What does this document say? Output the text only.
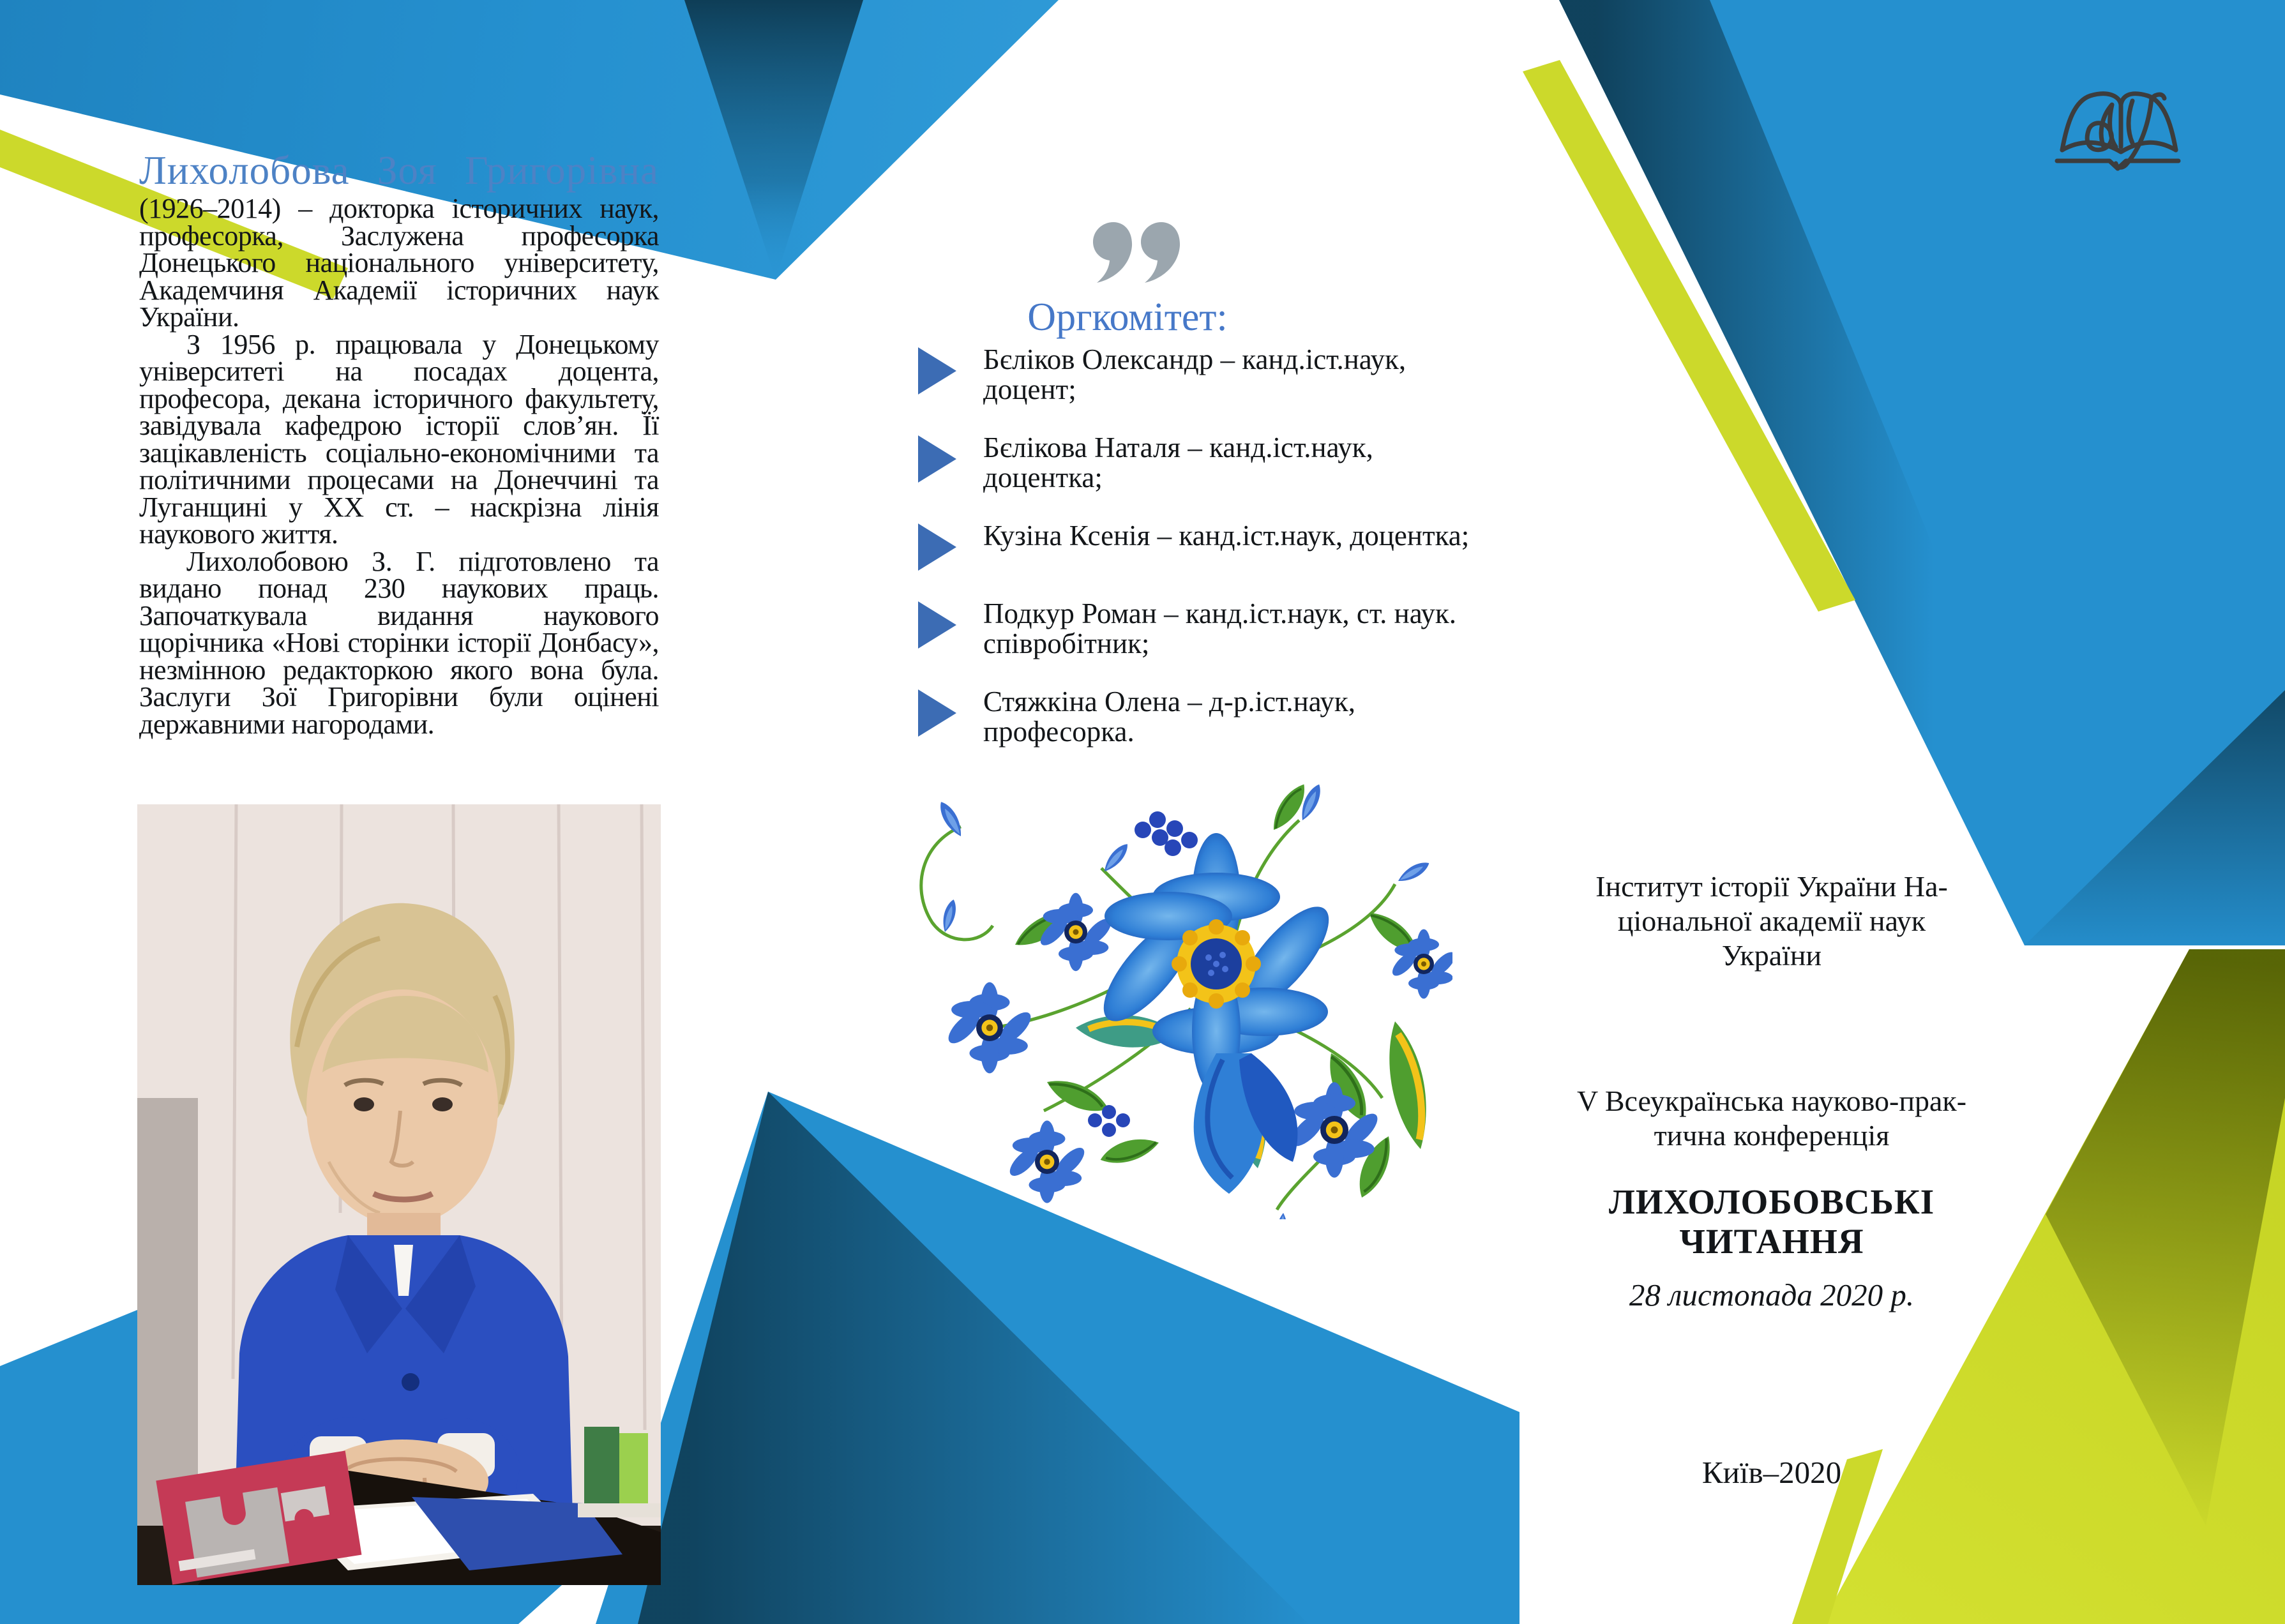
Лихолобова Зоя Григорівна

(1926–2014) – докторка історичних наук, професорка, Заслужена професорка Донецького національного університету, Академчиня Академії історичних наук України.

З 1956 р. працювала у Донецькому університеті на посадах доцента, професора, декана історичного факультету, завідувала кафедрою історії слов’ян. Її зацікавленість соціально-економічними та політичними процесами на Донеччині та Луганщині у ХХ ст. – наскрізна лінія наукового життя.

Лихолобовою З. Г. підготовлено та видано понад 230 наукових праць. Започаткувала видання наукового щорічника «Нові сторінки історії Донбасу», незмінною редакторкою якого вона була. Заслуги Зої Григорівни були оцінені державними нагородами.

Оргкомітет:
Бєліков Олександр – канд.іст.наук, доцент;
Бєлікова Наталя – канд.іст.наук, доцентка;
Кузіна Ксенія – канд.іст.наук, доцентка;
Подкур Роман – канд.іст.наук, ст. наук. співробітник;
Стяжкіна Олена – д-р.іст.наук, професорка.
Інститут історії України На-
ціональної академії наук
України
V Всеукраїнська науково-прак-
тична конференція
ЛИХОЛОБОВСЬКІ
ЧИТАННЯ
28 листопада 2020 р.
Київ–2020
